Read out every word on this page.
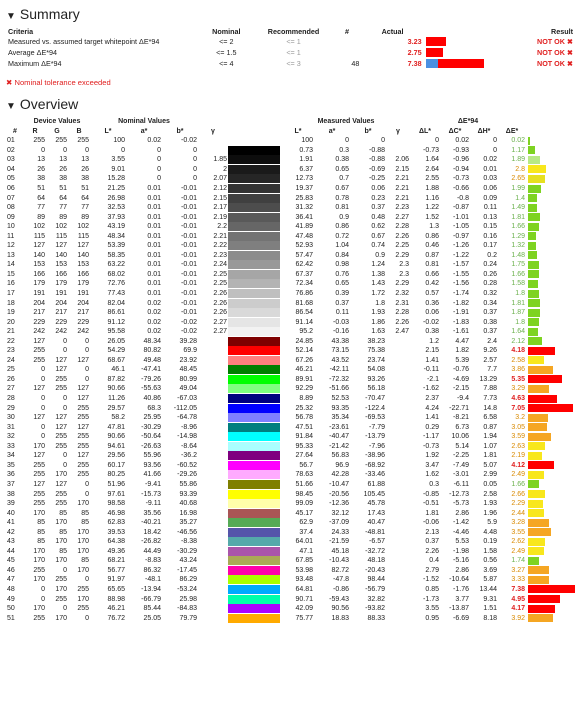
▼ Summary
Criteria	Nominal	Recommended	#	Actual		Result
Measured vs. assumed target whitepoint ΔE*94	<= 2	<= 1		3.23		NOT OK ✖
Average ΔE*94	<= 1.5	<= 1		2.75		NOT OK ✖
Maximum ΔE*94	<= 4	<= 3	48	7.38		NOT OK ✖
✖ Nominal tolerance exceeded
▼ Overview
	Device Values			Nominal Values					Measured Values				ΔE*94				
#	R	G	B	L*	a*	b*	γ		L*	a*	b*	γ	ΔL*	ΔC*	ΔH*	ΔE*	
01	255	255	255	100	0.02	-0.02			100	0	0		0	0.02	0	0.02	

02	0	0	0	0	0	0			0.73	0.3	-0.88		-0.73	-0.93	0	1.17	

03	13	13	13	3.55	0	0	1.85		1.91	0.38	-0.88	2.06	1.64	-0.96	0.02	1.89	

04	26	26	26	9.01	0	0	2		6.37	0.65	-0.69	2.15	2.64	-0.94	0.01	2.8	

05	38	38	38	15.28	0	0	2.07		12.73	0.7	-0.25	2.21	2.55	-0.73	0.03	2.65	

06	51	51	51	21.25	0.01	-0.01	2.12		19.37	0.67	0.06	2.21	1.88	-0.66	0.06	1.99	

07	64	64	64	26.98	0.01	-0.01	2.15		25.83	0.78	0.23	2.21	1.16	-0.8	0.09	1.4	

08	77	77	77	32.53	0.01	-0.01	2.17		31.32	0.81	0.37	2.23	1.22	-0.87	0.11	1.49	

09	89	89	89	37.93	0.01	-0.01	2.19		36.41	0.9	0.48	2.27	1.52	-1.01	0.13	1.81	

10	102	102	102	43.19	0.01	-0.01	2.2		41.89	0.86	0.62	2.28	1.3	-1.05	0.15	1.66	

11	115	115	115	48.34	0.01	-0.01	2.21		47.48	0.72	0.67	2.26	0.86	-0.97	0.16	1.29	

12	127	127	127	53.39	0.01	-0.01	2.22		52.93	1.04	0.74	2.25	0.46	-1.26	0.17	1.32	

13	140	140	140	58.35	0.01	-0.01	2.23		57.47	0.84	0.9	2.29	0.87	-1.22	0.2	1.48	

14	153	153	153	63.22	0.01	-0.01	2.24		62.42	0.98	1.24	2.3	0.81	-1.57	0.24	1.75	

15	166	166	166	68.02	0.01	-0.01	2.25		67.37	0.76	1.38	2.3	0.66	-1.55	0.26	1.66	

16	179	179	179	72.76	0.01	-0.01	2.25		72.34	0.65	1.43	2.29	0.42	-1.56	0.28	1.58	

17	191	191	191	77.43	0.01	-0.01	2.26		76.86	0.39	1.72	2.32	0.57	-1.74	0.32	1.8	

18	204	204	204	82.04	0.02	-0.01	2.26		81.68	0.37	1.8	2.31	0.36	-1.82	0.34	1.81	

19	217	217	217	86.61	0.02	-0.01	2.26		86.54	0.11	1.93	2.28	0.06	-1.91	0.37	1.87	

20	229	229	229	91.12	0.02	-0.02	2.27		91.14	-0.03	1.86	2.26	-0.02	-1.83	0.38	1.8	

21	242	242	242	95.58	0.02	-0.02	2.27		95.2	-0.16	1.63	2.47	0.38	-1.61	0.37	1.64	

22	127	0	0	26.05	48.34	39.28			24.85	43.38	38.23		1.2	4.47	2.4	2.12	

23	255	0	0	54.29	80.82	69.9			52.14	73.15	75.38		2.15	1.82	9.26	4.18	

24	255	127	127	68.67	49.48	23.92			67.26	43.52	23.74		1.41	5.39	2.57	2.58	

25	0	127	0	46.1	-47.41	48.45			46.21	-42.11	54.08		-0.11	-0.76	7.7	3.86	

26	0	255	0	87.82	-79.26	80.99			89.91	-72.32	93.26		-2.1	-4.69	13.29	5.35	

27	127	255	127	90.66	-55.63	49.04			92.29	-51.66	56.18		-1.62	-2.15	7.88	3.29	

28	0	0	127	11.26	40.86	-67.03			8.89	52.53	-70.47		2.37	-9.4	7.73	4.63	

29	0	0	255	29.57	68.3	-112.05			25.32	93.35	-122.4		4.24	-22.71	14.8	7.05	

30	127	127	255	58.2	25.95	-64.78			56.78	35.34	-69.53		1.41	-8.21	6.58	3.2	

31	0	127	127	47.81	-30.29	-8.96			47.51	-23.61	-7.79		0.29	6.73	0.87	3.05	

32	0	255	255	90.66	-50.64	-14.98			91.84	-40.47	-13.79		-1.17	10.06	1.94	3.59	

33	170	255	255	94.61	-26.63	-8.64			95.33	-21.42	-7.96		-0.73	5.14	1.07	2.63	

34	127	0	127	29.56	55.96	-36.2			27.64	56.83	-38.96		1.92	-2.25	1.81	2.19	

35	255	0	255	60.17	93.56	-60.52			56.7	96.9	-68.92		3.47	-7.49	5.07	4.12	

36	255	170	255	80.25	41.66	-29.26			78.63	42.28	-33.46		1.62	-3.01	2.99	2.49	

37	127	127	0	51.96	-9.41	55.86			51.66	-10.47	61.88		0.3	-6.11	0.05	1.66	

38	255	255	0	97.61	-15.73	93.39			98.45	-20.56	105.45		-0.85	-12.73	2.58	2.66	

39	255	255	170	98.58	-9.11	40.68			99.09	-12.36	45.78		-0.51	-5.73	1.93	2.29	

40	170	85	85	46.98	35.56	16.98			45.17	32.12	17.43		1.81	2.86	1.96	2.44	

41	85	170	85	62.83	-40.21	35.27			62.9	-37.09	40.47		-0.06	-1.42	5.9	3.28	

42	85	85	170	39.53	18.42	-46.56			37.4	24.33	-48.81		2.13	-4.46	4.48	3.55	

43	85	170	170	64.38	-26.82	-8.38			64.01	-21.59	-6.57		0.37	5.53	0.19	2.62	

44	170	85	170	49.36	44.49	-30.29			47.1	45.18	-32.72		2.26	-1.98	1.58	2.49	

45	170	170	85	68.21	-8.83	43.24			67.85	-10.43	48.18		0.4	-5.16	0.56	1.74	

46	255	0	170	56.77	86.32	-17.45			53.98	82.72	-20.43		2.79	2.86	3.69	3.27	

47	170	255	0	91.97	-48.1	86.29			93.48	-47.8	98.44		-1.52	-10.64	5.87	3.33	

48	0	170	255	65.65	-13.94	-53.24			64.81	-0.86	-56.79		0.85	-1.76	13.44	7.38	

49	0	255	170	88.98	-66.79	25.98			90.71	-59.43	32.82		-1.73	3.77	9.31	4.95	

50	170	0	255	46.21	85.44	-84.83			42.09	90.56	-93.82		3.55	-13.87	1.51	4.17	

51	255	170	0	76.72	25.05	79.79			75.77	18.83	88.33		0.95	-6.69	8.18	3.92	
